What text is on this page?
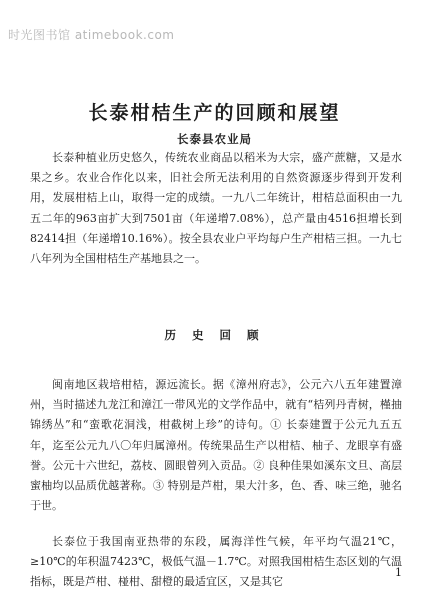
时光图书馆 atimebook.com
长泰柑桔生产的回顾和展望
长泰县农业局

长泰种植业历史悠久，传统农业商品以稻米为大宗，盛产蔗糖，又是水果之乡。农业合作化以来，旧社会所无法利用的自然资源逐步得到开发利用，发展柑桔上山，取得一定的成绩。一九八二年统计，柑桔总面积由一九五二年的963亩扩大到7501亩（年递增7.08%），总产量由4516担增长到82414担（年递增10.16%）。按全县农业户平均每户生产柑桔三担。一九七八年列为全国柑桔生产基地县之一。

历 史 回 顾

闽南地区栽培柑桔，源远流长。据《漳州府志》，公元六八五年建置漳州，当时描述九龙江和漳江一带风光的文学作品中，就有“桔列丹青树，槿抽锦绣丛”和“蛮歌花洞浅，柑截树上珍”的诗句。① 长泰建置于公元九五五年，迄至公元九八〇年归属漳州。传统果品生产以柑桔、柚子、龙眼享有盛誉。公元十六世纪，荔枝、圆眼曾列入贡品。② 良种佳果如溪东文旦、高层蜜柚均以品质优越著称。③ 特别是芦柑，果大汁多，色、香、味三绝，驰名于世。

长泰位于我国南亚热带的东段，属海洋性气候，年平均气温21℃，≥10℃的年积温7423℃，极低气温－1.7℃。对照我国柑桔生态区划的气温指标，既是芦柑、椪柑、甜橙的最适宜区，又是其它

1
